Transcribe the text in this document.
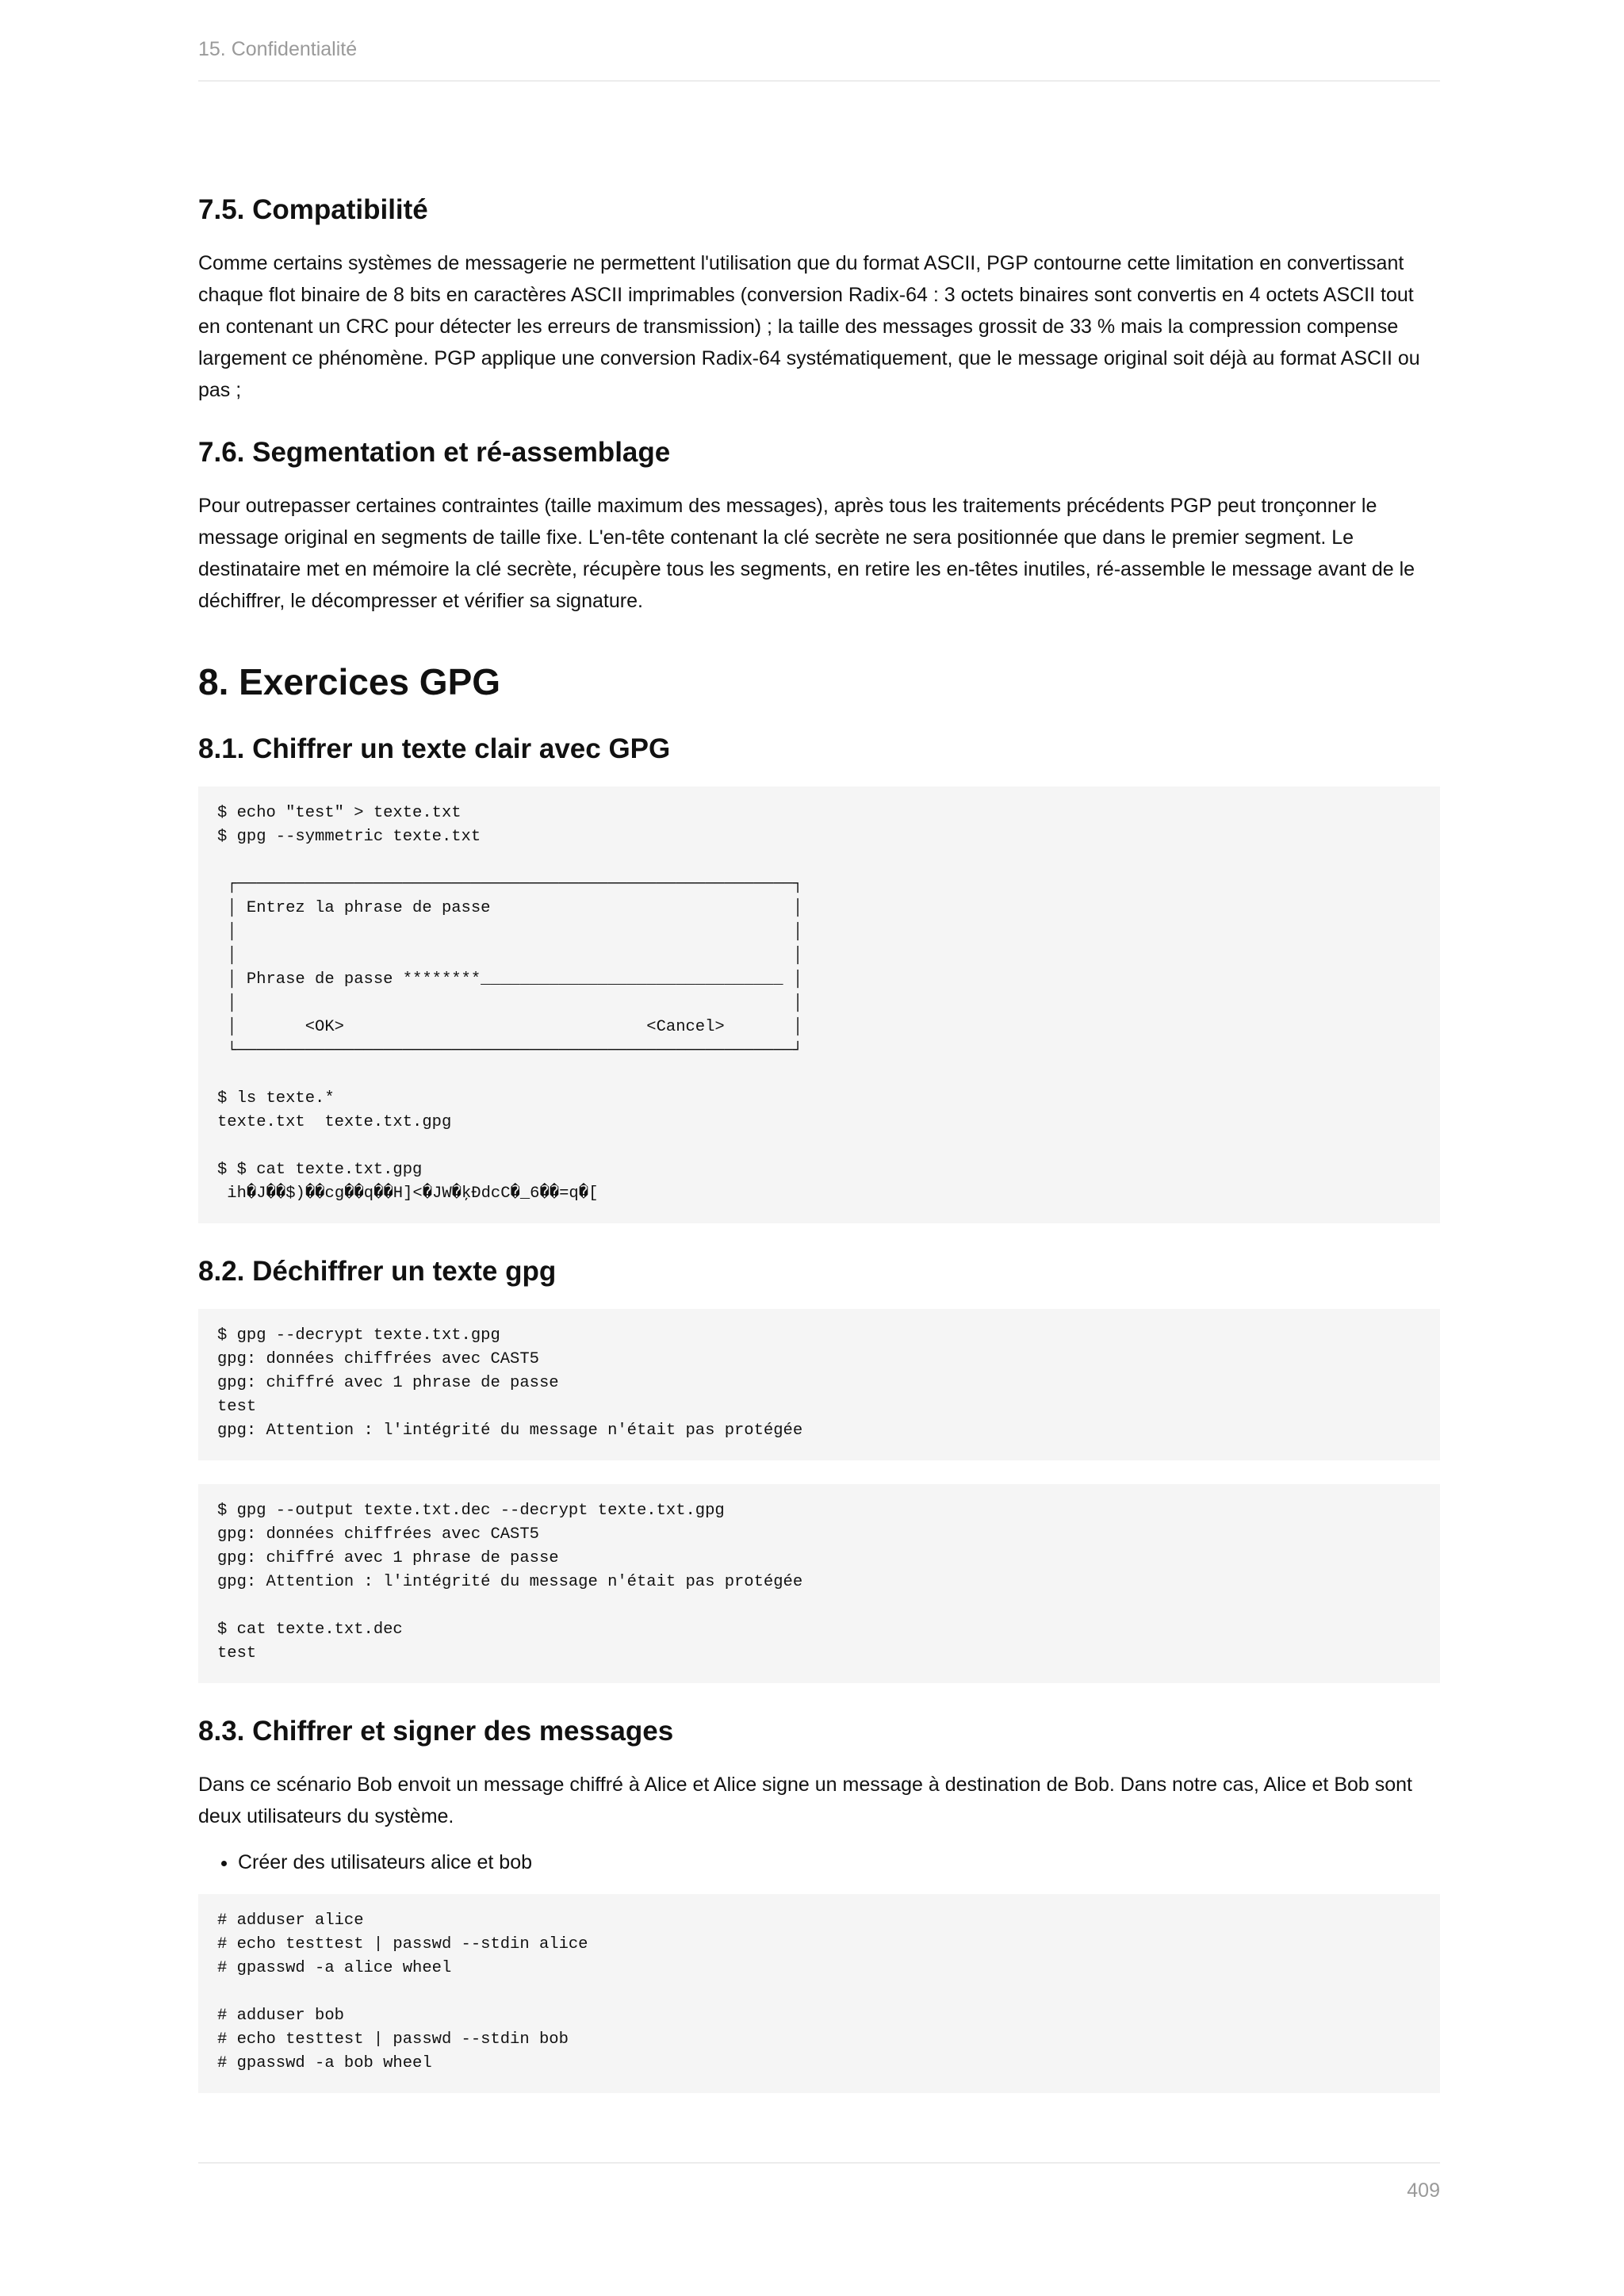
15. Confidentialité
7.5. Compatibilité

Comme certains systèmes de messagerie ne permettent l'utilisation que du format ASCII, PGP contourne cette limitation en convertissant chaque flot binaire de 8 bits en caractères ASCII imprimables (conversion Radix-64 : 3 octets binaires sont convertis en 4 octets ASCII tout en contenant un CRC pour détecter les erreurs de transmission) ; la taille des messages grossit de 33 % mais la compression compense largement ce phénomène. PGP applique une conversion Radix-64 systématiquement, que le message original soit déjà au format ASCII ou pas ;

7.6. Segmentation et ré-assemblage

Pour outrepasser certaines contraintes (taille maximum des messages), après tous les traitements précédents PGP peut tronçonner le message original en segments de taille fixe. L'en-tête contenant la clé secrète ne sera positionnée que dans le premier segment. Le destinataire met en mémoire la clé secrète, récupère tous les segments, en retire les en-têtes inutiles, ré-assemble le message avant de le déchiffrer, le décompresser et vérifier sa signature.

8. Exercices GPG
8.1. Chiffrer un texte clair avec GPG
$ echo "test" > texte.txt
$ gpg --symmetric texte.txt
┌─────────────────────────────────────────────────────────┐
│ Entrez la phrase de passe                               │
│                                                         │
│                                                         │
│ Phrase de passe ********_______________________________ │
│                                                         │
│       <OK>                               <Cancel>       │
└─────────────────────────────────────────────────────────┘
$ ls texte.*
texte.txt  texte.txt.gpg
$ $ cat texte.txt.gpg
ih�J��$)��cg��q��H]<�JW�ķĐdcC�_6��=q�[
8.2. Déchiffrer un texte gpg
$ gpg --decrypt texte.txt.gpg
gpg: données chiffrées avec CAST5
gpg: chiffré avec 1 phrase de passe
test
gpg: Attention : l'intégrité du message n'était pas protégée
$ gpg --output texte.txt.dec --decrypt texte.txt.gpg
gpg: données chiffrées avec CAST5
gpg: chiffré avec 1 phrase de passe
gpg: Attention : l'intégrité du message n'était pas protégée
$ cat texte.txt.dec
test
8.3. Chiffrer et signer des messages

Dans ce scénario Bob envoit un message chiffré à Alice et Alice signe un message à destination de Bob. Dans notre cas, Alice et Bob sont deux utilisateurs du système.

• Créer des utilisateurs alice et bob
# adduser alice
# echo testtest | passwd --stdin alice
# gpasswd -a alice wheel
# adduser bob
# echo testtest | passwd --stdin bob
# gpasswd -a bob wheel
409
